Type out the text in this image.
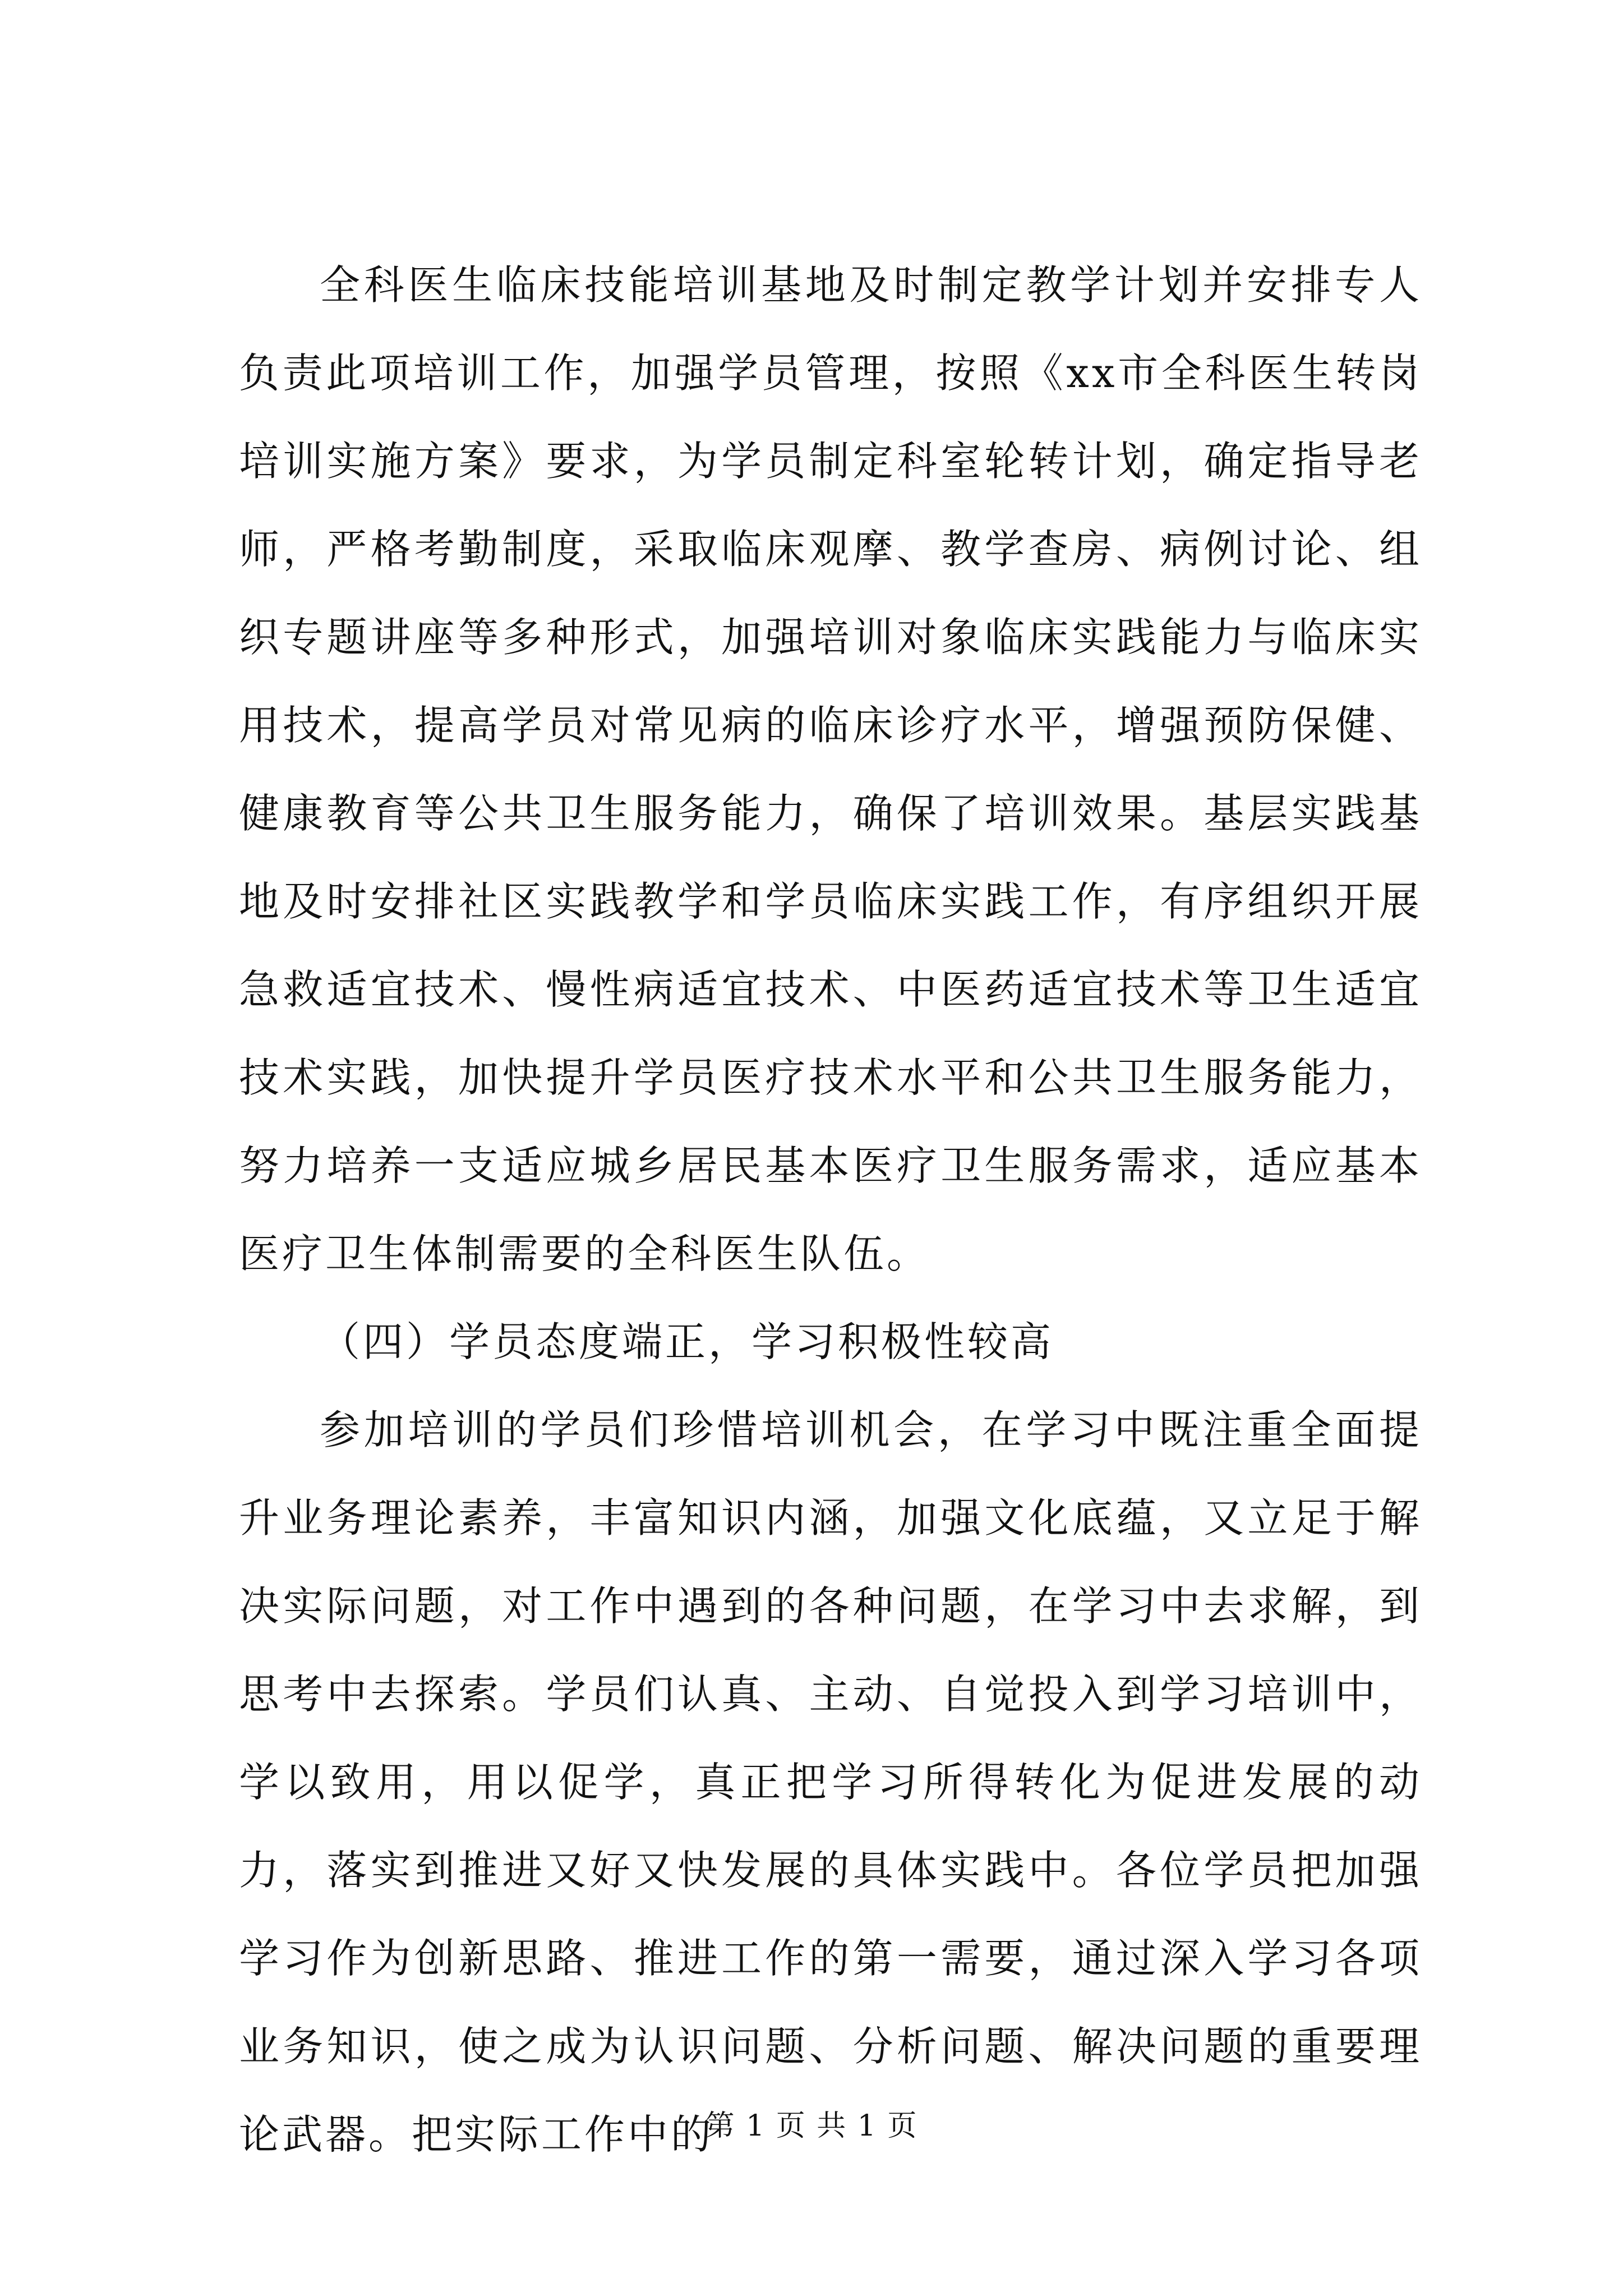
全科医生临床技能培训基地及时制定教学计划并安排专人负责此项培训工作，加强学员管理，按照《xx市全科医生转岗培训实施方案》要求，为学员制定科室轮转计划，确定指导老师，严格考勤制度，采取临床观摩、教学查房、病例讨论、组织专题讲座等多种形式，加强培训对象临床实践能力与临床实用技术，提高学员对常见病的临床诊疗水平，增强预防保健、健康教育等公共卫生服务能力，确保了培训效果。基层实践基地及时安排社区实践教学和学员临床实践工作，有序组织开展急救适宜技术、慢性病适宜技术、中医药适宜技术等卫生适宜技术实践，加快提升学员医疗技术水平和公共卫生服务能力，努力培养一支适应城乡居民基本医疗卫生服务需求，适应基本医疗卫生体制需要的全科医生队伍。

（四）学员态度端正，学习积极性较高

参加培训的学员们珍惜培训机会，在学习中既注重全面提升业务理论素养，丰富知识内涵，加强文化底蕴，又立足于解决实际问题，对工作中遇到的各种问题，在学习中去求解，到思考中去探索。学员们认真、主动、自觉投入到学习培训中，学以致用，用以促学，真正把学习所得转化为促进发展的动力，落实到推进又好又快发展的具体实践中。各位学员把加强学习作为创新思路、推进工作的第一需要，通过深入学习各项业务知识，使之成为认识问题、分析问题、解决问题的重要理论武器。把实际工作中的

第 1 页 共 1 页
